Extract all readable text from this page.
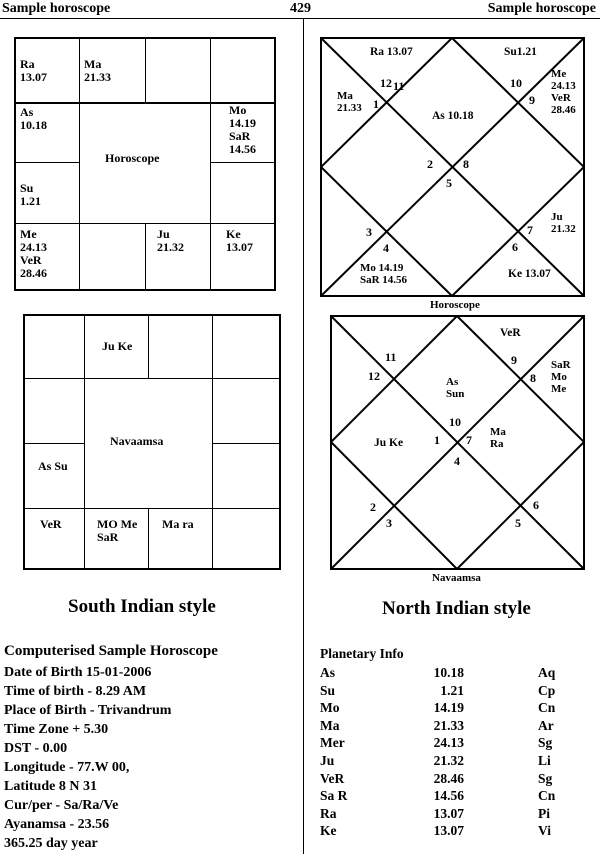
Sample horoscope	429	Sample horoscope
Ra
13.07
Ma
21.33
As
10.18
Mo
14.19
SaR
14.56
Su
1.21
Me
24.13
VeR
28.46
Ju
21.32
Ke
13.07
Horoscope
Ju Ke
As Su
VeR	MO Me
SaR
Ma ra
Navaamsa
South Indian style
11
12
1
2
3
4
5
6
7
8
9
10
Ra 13.07	Su1.21
As 10.18
Ke 13.07
Ma
21.33
Me
24.13
VeR
28.46
Ju
21.32
Mo 14.19
SaR 14.56
Horoscope
10
11
12
1
2
3
4
5
6
7
8
9
VeR
Ju Ke
SaR
Mo
Me
As
Sun
Ma
Ra
Navaamsa
North Indian style
Computerised Sample Horoscope
Date of Birth 15-01-2006
Time of birth - 8.29 AM
Place of Birth - Trivandrum
Time Zone + 5.30
DST - 0.00
Longitude - 77.W 00,
Latitude 8 N 31
Cur/per - Sa/Ra/Ve
Ayanamsa - 23.56
365.25 day year
Planetary Info
As	10.18	Aq
Su	1.21	Cp
Mo	14.19	Cn
Ma	21.33	Ar
Mer	24.13	Sg
Ju	21.32	Li
VeR	28.46	Sg
Sa R	14.56	Cn
Ra	13.07	Pi
Ke	13.07	Vi
